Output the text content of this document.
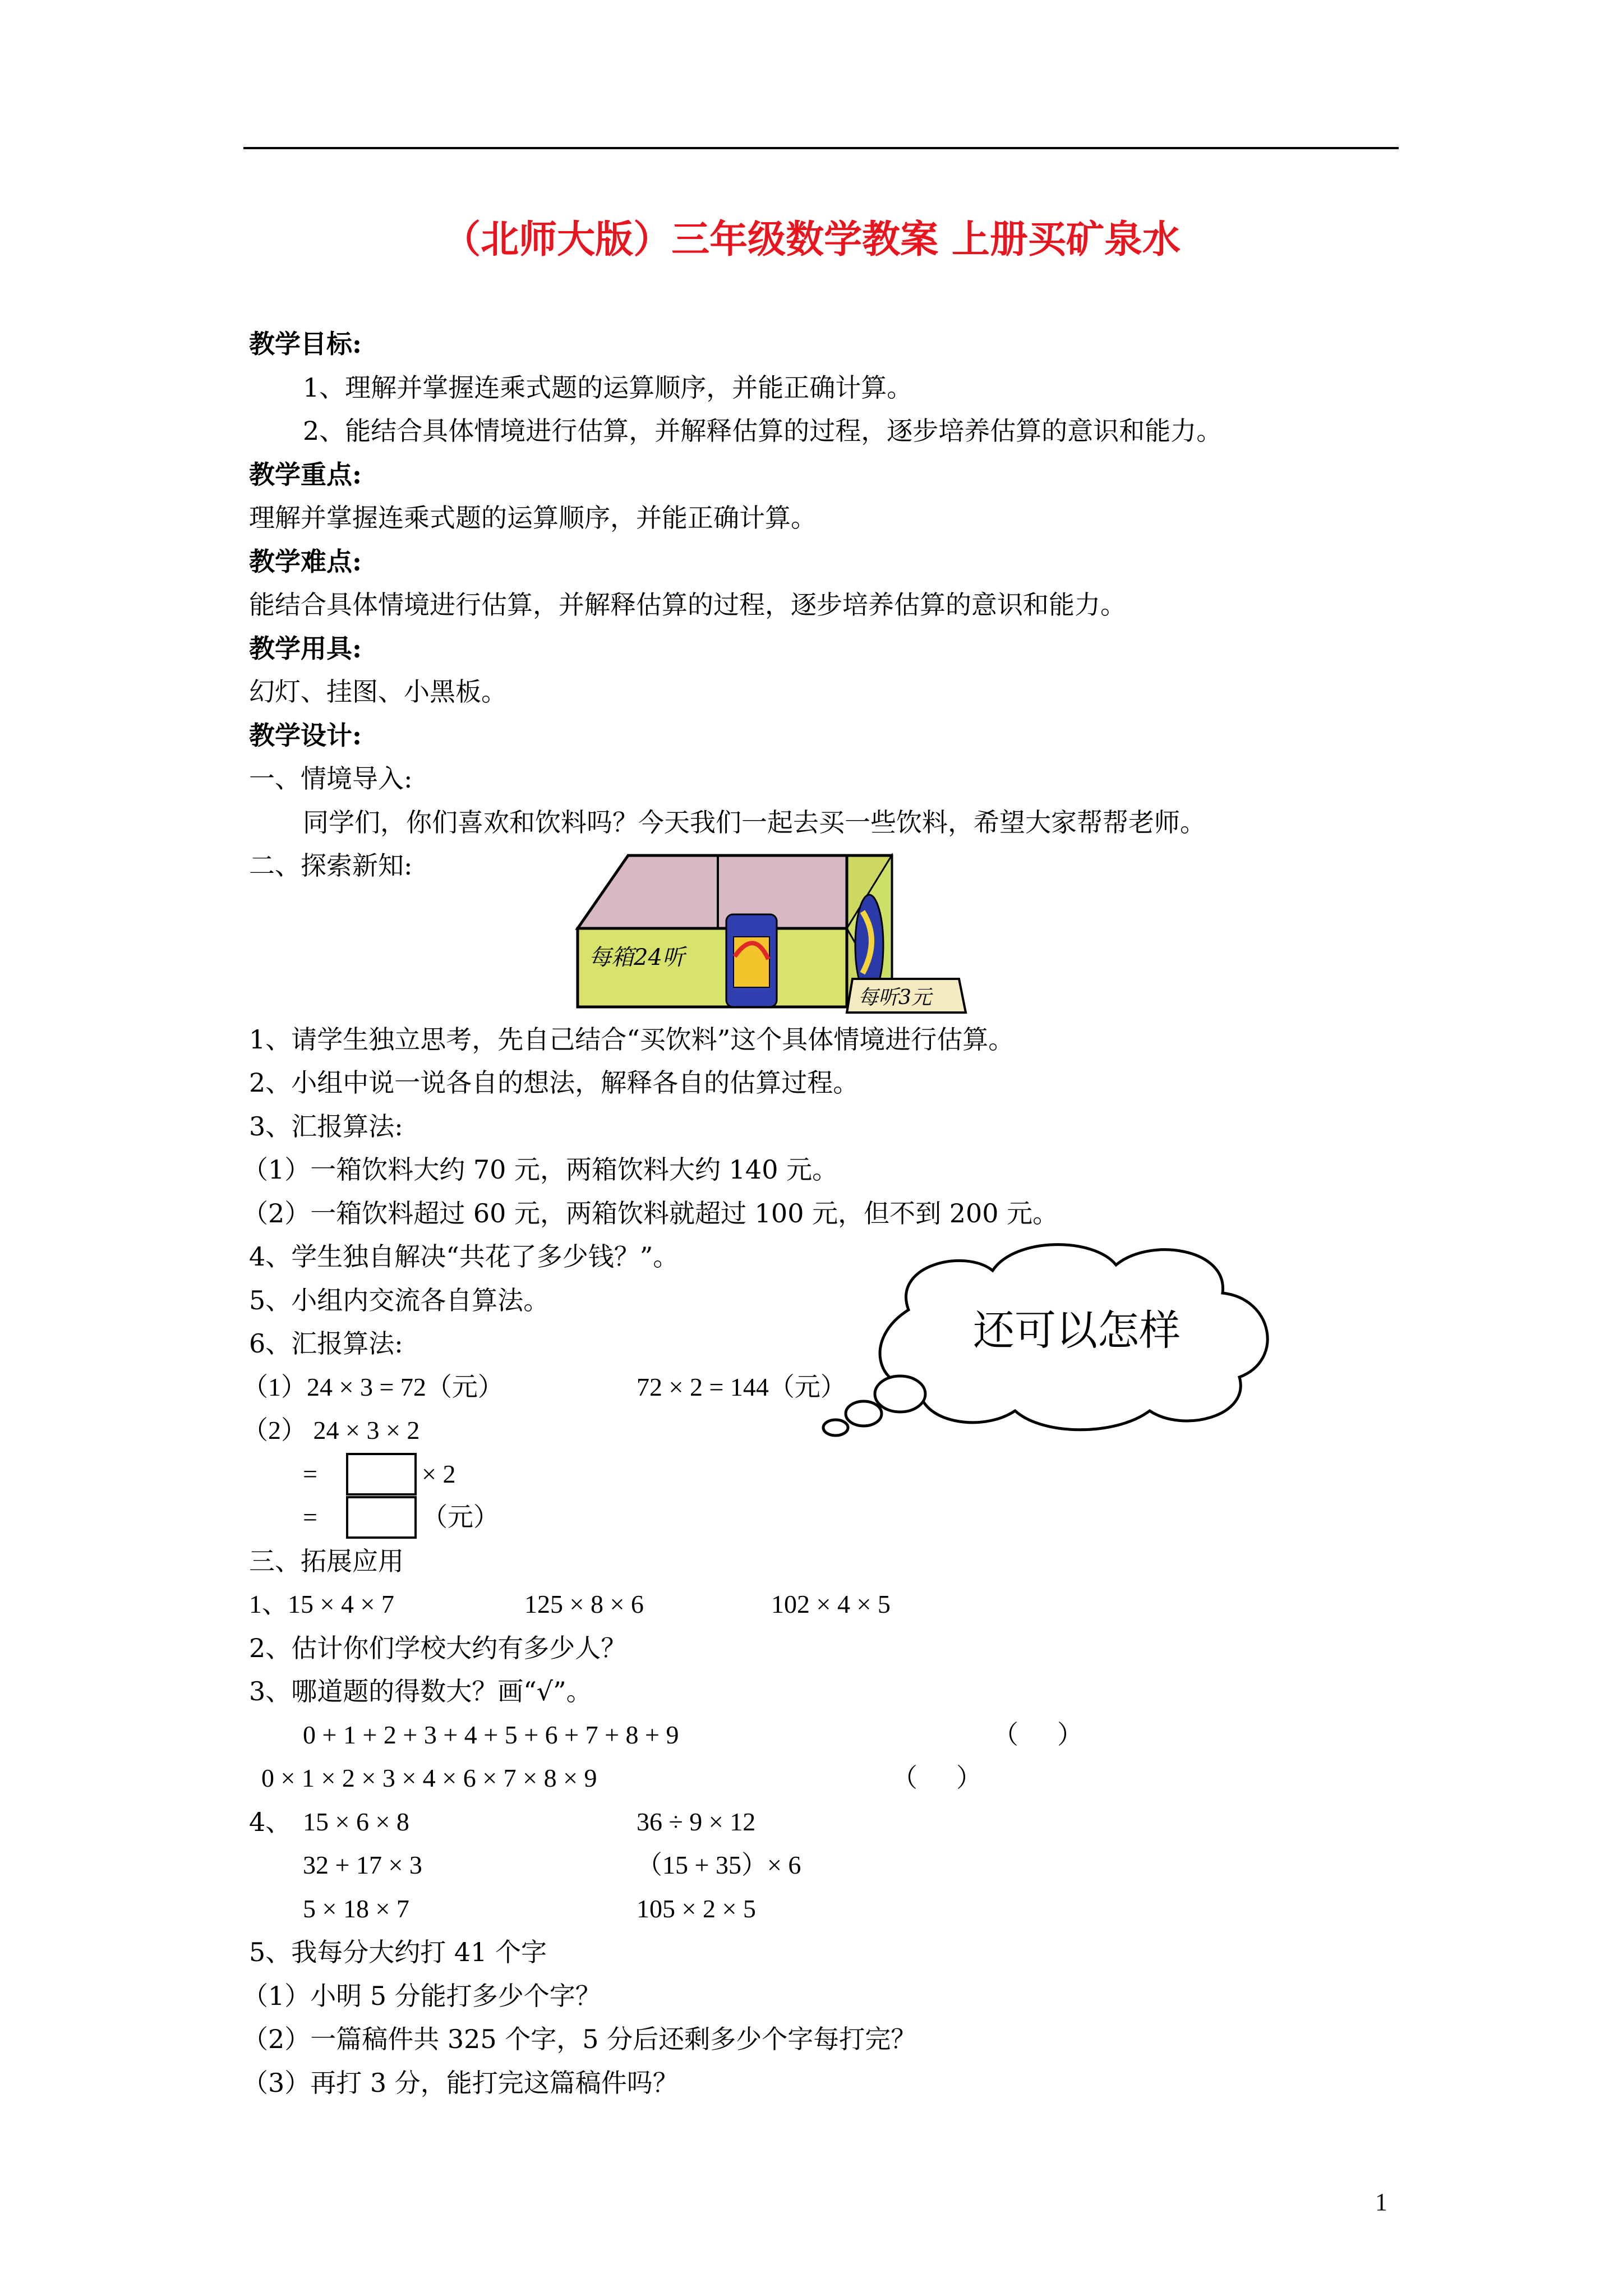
（北师大版）三年级数学教案 上册买矿泉水
教学目标:
1、理解并掌握连乘式题的运算顺序，并能正确计算。
2、能结合具体情境进行估算，并解释估算的过程，逐步培养估算的意识和能力。
教学重点:
理解并掌握连乘式题的运算顺序，并能正确计算。
教学难点:
能结合具体情境进行估算，并解释估算的过程，逐步培养估算的意识和能力。
教学用具:
幻灯、挂图、小黑板。
教学设计:
一、情境导入:
同学们，你们喜欢和饮料吗？今天我们一起去买一些饮料，希望大家帮帮老师。
二、探索新知:
每箱24听
每听3元
1、请学生独立思考，先自己结合“买饮料”这个具体情境进行估算。
2、小组中说一说各自的想法，解释各自的估算过程。
3、汇报算法:
（1）一箱饮料大约 70 元，两箱饮料大约 140 元。
（2）一箱饮料超过 60 元，两箱饮料就超过 100 元，但不到 200 元。
4、学生独自解决“共花了多少钱？”。
5、小组内交流各自算法。
6、汇报算法:	还可以怎样
（1）24 × 3 = 72（元）	72 × 2 = 144（元）
（2） 24 × 3 × 2
=	× 2
=	（元）
三、拓展应用
1、15 × 4 × 7	125 × 8 × 6	102 × 4 × 5
2、估计你们学校大约有多少人？
3、哪道题的得数大？画“√”。
0 + 1 + 2 + 3 + 4 + 5 + 6 + 7 + 8 + 9	（      ）
0 × 1 × 2 × 3 × 4 × 6 × 7 × 8 × 9	（      ）
4、 15 × 6 × 8	36 ÷ 9 × 12
32 + 17 × 3	（15 + 35）× 6
5 × 18 × 7	105 × 2 × 5
5、我每分大约打 41 个字
（1）小明 5 分能打多少个字？
（2）一篇稿件共 325 个字，5 分后还剩多少个字每打完？
（3）再打 3 分，能打完这篇稿件吗？
1
